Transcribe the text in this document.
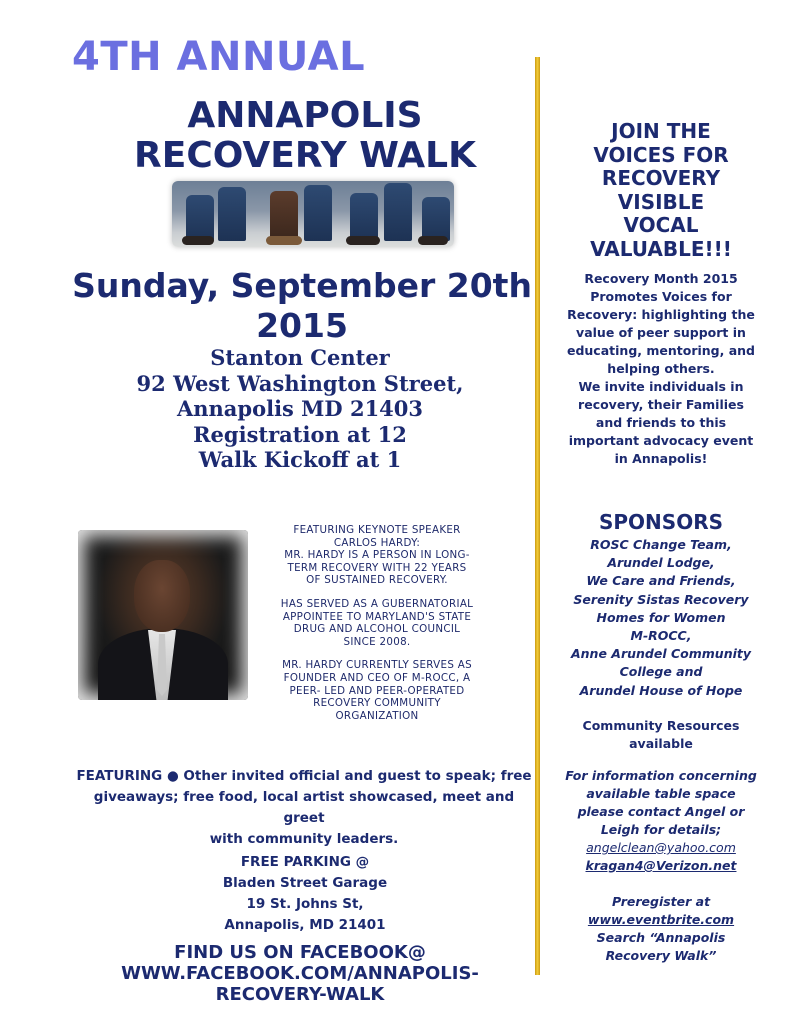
4TH ANNUAL
ANNAPOLIS
RECOVERY WALK
Sunday, September 20th
2015
Stanton Center
92 West Washington Street,
Annapolis MD 21403
Registration at 12
Walk Kickoff at 1

FEATURING KEYNOTE SPEAKER
CARLOS HARDY:
MR. HARDY IS A PERSON IN LONG-
TERM RECOVERY WITH 22 YEARS
OF SUSTAINED RECOVERY.

HAS SERVED AS A GUBERNATORIAL
APPOINTEE TO MARYLAND'S STATE
DRUG AND ALCOHOL COUNCIL
SINCE 2008.

MR. HARDY CURRENTLY SERVES AS
FOUNDER AND CEO OF M-ROCC, A
PEER- LED AND PEER-OPERATED
RECOVERY COMMUNITY
ORGANIZATION

FEATURING ● Other invited official and guest to speak; free
giveaways; free food, local artist showcased, meet and greet
with community leaders.
FREE PARKING @
Bladen Street Garage
19 St. Johns St,
Annapolis, MD 21401
FIND US ON FACEBOOK@
WWW.FACEBOOK.COM/ANNAPOLIS-
RECOVERY-WALK
JOIN THE
VOICES FOR
RECOVERY
VISIBLE
VOCAL
VALUABLE!!!

Recovery Month 2015
Promotes Voices for
Recovery: highlighting the
value of peer support in
educating, mentoring, and
helping others.

We invite individuals in
recovery, their Families
and friends to this
important advocacy event
in Annapolis!

SPONSORS
ROSC Change Team,
Arundel Lodge,
We Care and Friends,
Serenity Sistas Recovery
Homes for Women
M-ROCC,
Anne Arundel Community
College and
Arundel House of Hope
Community Resources
available
For information concerning
available table space
please contact Angel or
Leigh for details;
angelclean@yahoo.com
kragan4@Verizon.net
Preregister at
www.eventbrite.com
Search “Annapolis
Recovery Walk”
